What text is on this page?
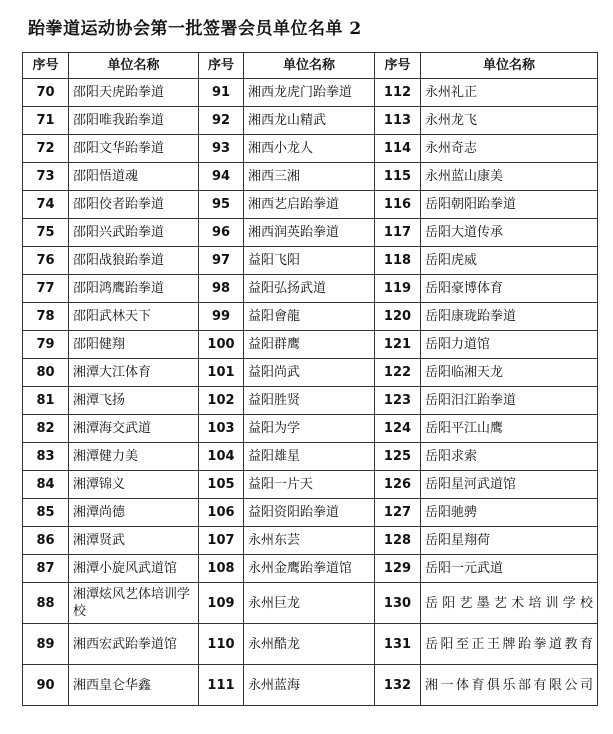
跆拳道运动协会第一批签署会员单位名单 2
序号	单位名称	序号	单位名称	序号	单位名称
70	邵阳天虎跆拳道	91	湘西龙虎门跆拳道	112	永州礼正
71	邵阳唯我跆拳道	92	湘西龙山精武	113	永州龙飞
72	邵阳文华跆拳道	93	湘西小龙人	114	永州奇志
73	邵阳悟道魂	94	湘西三湘	115	永州蓝山康美
74	邵阳佼者跆拳道	95	湘西艺启跆拳道	116	岳阳朝阳跆拳道
75	邵阳兴武跆拳道	96	湘西润英跆拳道	117	岳阳大道传承
76	邵阳战狼跆拳道	97	益阳飞阳	118	岳阳虎威
77	邵阳鸿鹰跆拳道	98	益阳弘扬武道	119	岳阳豪博体育
78	邵阳武林天下	99	益阳會龍	120	岳阳康珑跆拳道
79	邵阳健翔	100	益阳群鹰	121	岳阳力道馆
80	湘潭大江体育	101	益阳尚武	122	岳阳临湘天龙
81	湘潭飞扬	102	益阳胜贤	123	岳阳汨江跆拳道
82	湘潭海交武道	103	益阳为学	124	岳阳平江山鹰
83	湘潭健力美	104	益阳雄星	125	岳阳求索
84	湘潭锦义	105	益阳一片天	126	岳阳星河武道馆
85	湘潭尚德	106	益阳资阳跆拳道	127	岳阳驰骋
86	湘潭贤武	107	永州东芸	128	岳阳星翔荷
87	湘潭小旋风武道馆	108	永州金鹰跆拳道馆	129	岳阳一元武道
88	湘潭炫风艺体培训学校	109	永州巨龙	130	岳阳艺墨艺术培训学校
89	湘西宏武跆拳道馆	110	永州酷龙	131	岳阳至正王牌跆拳道教育
90	湘西皇仑华鑫	111	永州蓝海	132	湘一体育俱乐部有限公司
